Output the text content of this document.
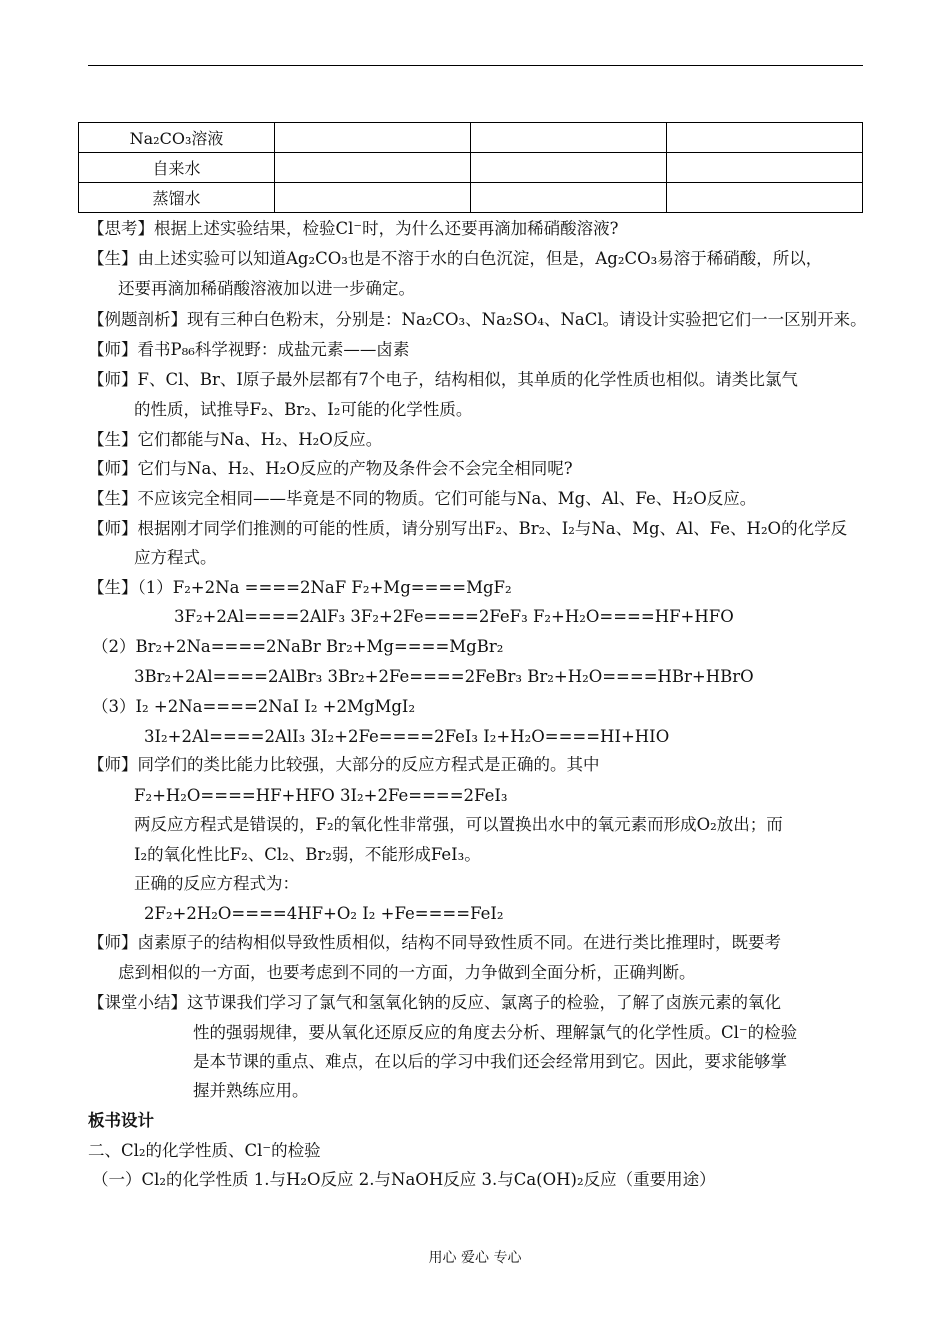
Na₂CO₃溶液			
自来水			
蒸馏水			
【思考】根据上述实验结果，检验Cl⁻时，为什么还要再滴加稀硝酸溶液?
【生】由上述实验可以知道Ag₂CO₃也是不溶于水的白色沉淀，但是，Ag₂CO₃易溶于稀硝酸，所以，
还要再滴加稀硝酸溶液加以进一步确定。
【例题剖析】现有三种白色粉末，分别是：Na₂CO₃、Na₂SO₄、NaCl。请设计实验把它们一一区别开来。
【师】看书P₈₆科学视野：成盐元素——卤素
【师】F、Cl、Br、I原子最外层都有7个电子，结构相似，其单质的化学性质也相似。请类比氯气
的性质，试推导F₂、Br₂、I₂可能的化学性质。
【生】它们都能与Na、H₂、H₂O反应。
【师】它们与Na、H₂、H₂O反应的产物及条件会不会完全相同呢?
【生】不应该完全相同——毕竟是不同的物质。它们可能与Na、Mg、Al、Fe、H₂O反应。
【师】根据刚才同学们推测的可能的性质，请分别写出F₂、Br₂、I₂与Na、Mg、Al、Fe、H₂O的化学反
应方程式。
【生】（1）F₂+2Na ====2NaF F₂+Mg====MgF₂
3F₂+2Al====2AlF₃ 3F₂+2Fe====2FeF₃ F₂+H₂O====HF+HFO
（2）Br₂+2Na====2NaBr Br₂+Mg====MgBr₂
3Br₂+2Al====2AlBr₃ 3Br₂+2Fe====2FeBr₃ Br₂+H₂O====HBr+HBrO
（3）I₂ +2Na====2NaI I₂ +2MgMgI₂
3I₂+2Al====2AlI₃ 3I₂+2Fe====2FeI₃ I₂+H₂O====HI+HIO
【师】同学们的类比能力比较强，大部分的反应方程式是正确的。其中
F₂+H₂O====HF+HFO 3I₂+2Fe====2FeI₃
两反应方程式是错误的，F₂的氧化性非常强，可以置换出水中的氧元素而形成O₂放出；而
I₂的氧化性比F₂、Cl₂、Br₂弱，不能形成FeI₃。
正确的反应方程式为：
2F₂+2H₂O====4HF+O₂ I₂ +Fe====FeI₂
【师】卤素原子的结构相似导致性质相似，结构不同导致性质不同。在进行类比推理时，既要考
虑到相似的一方面，也要考虑到不同的一方面，力争做到全面分析，正确判断。
【课堂小结】这节课我们学习了氯气和氢氧化钠的反应、氯离子的检验，了解了卤族元素的氧化
性的强弱规律，要从氧化还原反应的角度去分析、理解氯气的化学性质。Cl⁻的检验
是本节课的重点、难点，在以后的学习中我们还会经常用到它。因此，要求能够掌
握并熟练应用。
板书设计
二、Cl₂的化学性质、Cl⁻的检验
（一）Cl₂的化学性质 1.与H₂O反应 2.与NaOH反应 3.与Ca(OH)₂反应（重要用途）
用心 爱心 专心
